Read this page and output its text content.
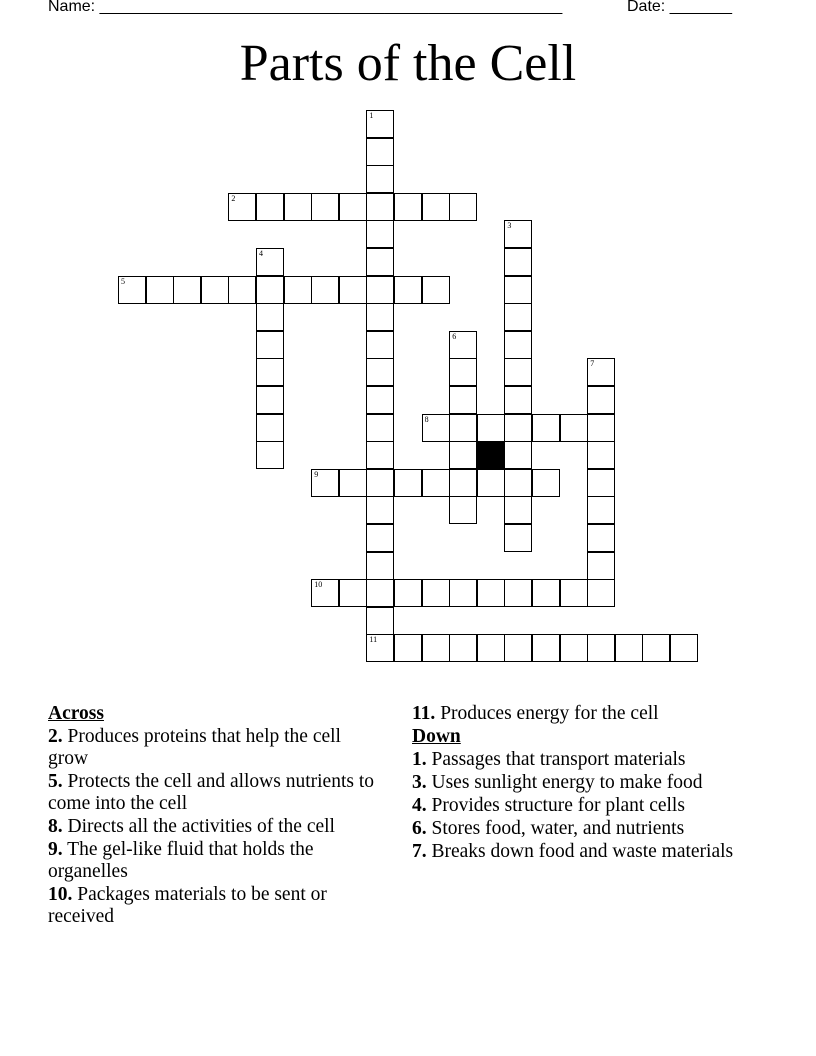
Name: ____________________________________________________	Date: _______
Parts of the Cell
1
11
2
3
4
5
6
7
8
9
10
Across
2. Produces proteins that help the cell grow
5. Protects the cell and allows nutrients to come into the cell
8. Directs all the activities of the cell
9. The gel-like fluid that holds the organelles
10. Packages materials to be sent or received
11. Produces energy for the cell
Down
1. Passages that transport materials
3. Uses sunlight energy to make food
4. Provides structure for plant cells
6. Stores food, water, and nutrients
7. Breaks down food and waste materials
